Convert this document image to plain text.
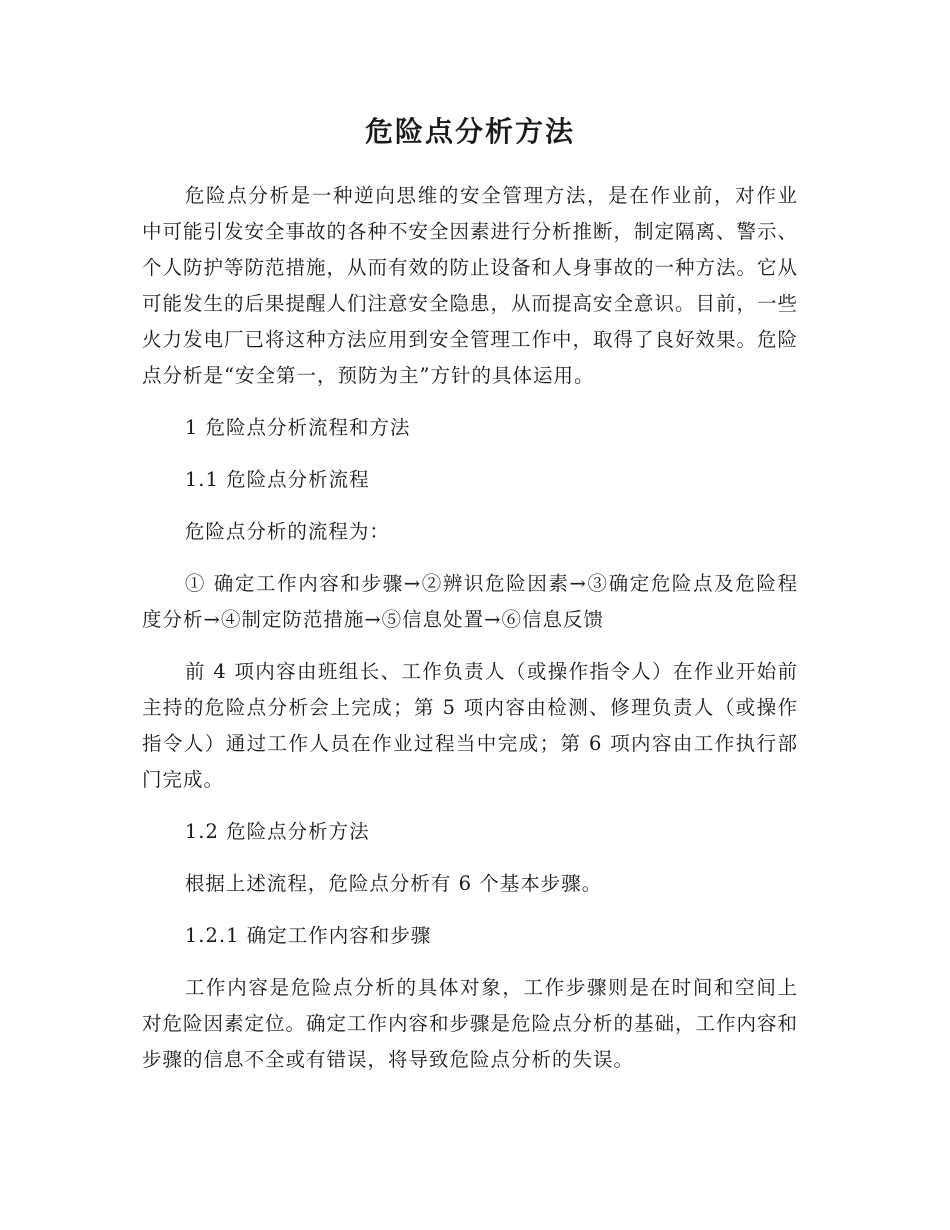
危险点分析方法

危险点分析是一种逆向思维的安全管理方法，是在作业前，对作业中可能引发安全事故的各种不安全因素进行分析推断，制定隔离、警示、个人防护等防范措施，从而有效的防止设备和人身事故的一种方法。它从可能发生的后果提醒人们注意安全隐患，从而提高安全意识。目前，一些火力发电厂已将这种方法应用到安全管理工作中，取得了良好效果。危险点分析是“安全第一，预防为主”方针的具体运用。

1 危险点分析流程和方法

1.1 危险点分析流程

危险点分析的流程为：

① 确定工作内容和步骤→②辨识危险因素→③确定危险点及危险程度分析→④制定防范措施→⑤信息处置→⑥信息反馈

前 4 项内容由班组长、工作负责人（或操作指令人）在作业开始前主持的危险点分析会上完成；第 5 项内容由检测、修理负责人（或操作指令人）通过工作人员在作业过程当中完成；第 6 项内容由工作执行部门完成。

1.2 危险点分析方法

根据上述流程，危险点分析有 6 个基本步骤。

1.2.1 确定工作内容和步骤

工作内容是危险点分析的具体对象，工作步骤则是在时间和空间上对危险因素定位。确定工作内容和步骤是危险点分析的基础，工作内容和步骤的信息不全或有错误，将导致危险点分析的失误。
